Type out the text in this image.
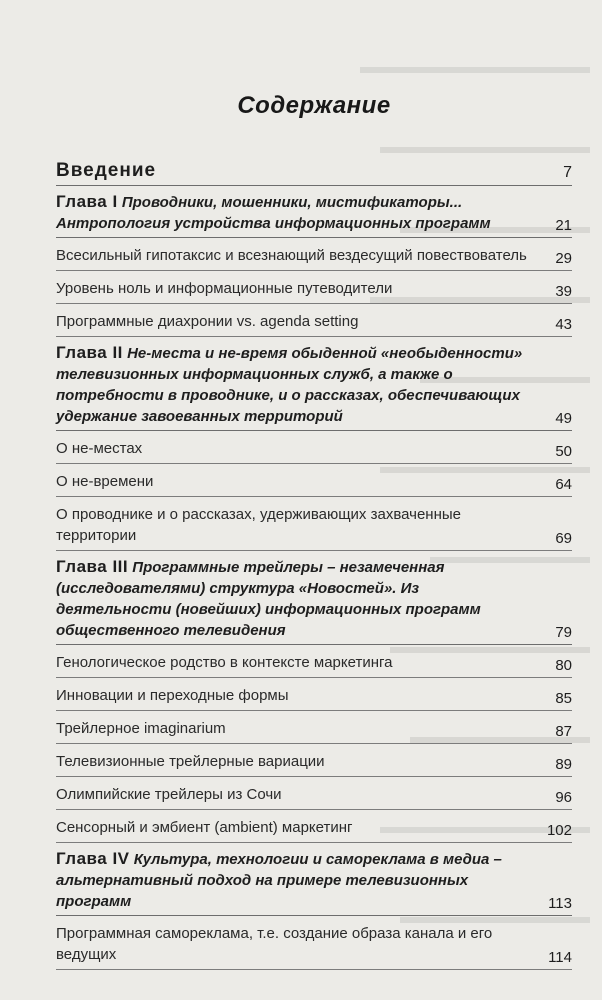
Содержание
Введение	7
Глава I Проводники, мошенники, мистификаторы... Антропология устройства информационных программ	21
Всесильный гипотаксис и всезнающий вездесущий повествователь	29
Уровень ноль и информационные путеводители	39
Программные диахронии vs. agenda setting	43
Глава II Не-места и не-время обыденной «необыденности» телевизионных информационных служб, а также о потребности в проводнике, и о рассказах, обеспечивающих удержание завоеванных территорий	49
О не-местах	50
О не-времени	64
О проводнике и о рассказах, удерживающих захваченные территории	69
Глава III Программные трейлеры – незамеченная (исследователями) структура «Новостей». Из деятельности (новейших) информационных программ общественного телевидения	79
Генологическое родство в контексте маркетинга	80
Инновации и переходные формы	85
Трейлерное imaginarium	87
Телевизионные трейлерные вариации	89
Олимпийские трейлеры из Сочи	96
Сенсорный и эмбиент (ambient) маркетинг	102
Глава IV Культура, технологии и самореклама в медиа – альтернативный подход на примере телевизионных программ	113
Программная самореклама, т.е. создание образа канала и его ведущих	114
